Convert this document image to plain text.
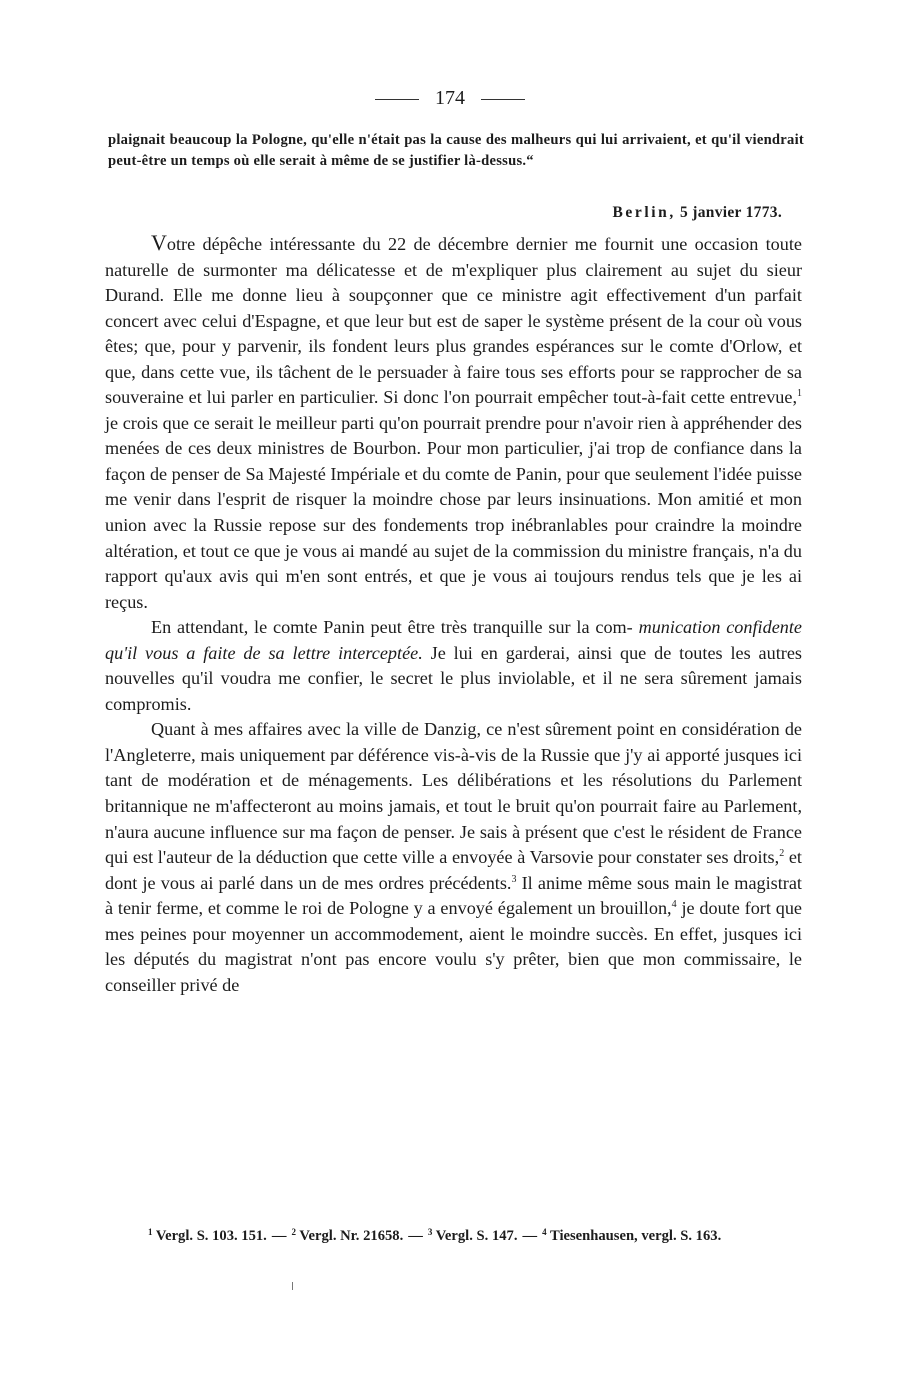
174

plaignait beaucoup la Pologne, qu'elle n'était pas la cause des malheurs qui lui arrivaient, et qu'il viendrait peut-être un temps où elle serait à même de se justifier là-dessus.“

Berlin, 5 janvier 1773.

Votre dépêche intéressante du 22 de décembre dernier me fournit une occasion toute naturelle de surmonter ma délicatesse et de m'expliquer plus clairement au sujet du sieur Durand. Elle me donne lieu à soupçonner que ce ministre agit effectivement d'un parfait concert avec celui d'Espagne, et que leur but est de saper le système présent de la cour où vous êtes; que, pour y parvenir, ils fondent leurs plus grandes espérances sur le comte d'Orlow, et que, dans cette vue, ils tâchent de le persuader à faire tous ses efforts pour se rapprocher de sa souveraine et lui parler en particulier. Si donc l'on pourrait empêcher tout-à-fait cette entrevue,$^1$ je crois que ce serait le meilleur parti qu'on pourrait prendre pour n'avoir rien à appréhender des menées de ces deux ministres de Bourbon. Pour mon particulier, j'ai trop de confiance dans la façon de penser de Sa Majesté Impériale et du comte de Panin, pour que seulement l'idée puisse me venir dans l'esprit de risquer la moindre chose par leurs insinuations. Mon amitié et mon union avec la Russie repose sur des fondements trop inébranlables pour craindre la moindre altération, et tout ce que je vous ai mandé au sujet de la commission du ministre français, n'a du rapport qu'aux avis qui m'en sont entrés, et que je vous ai toujours rendus tels que je les ai reçus.

En attendant, le comte Panin peut être très tranquille sur la com- munication confidente qu'il vous a faite de sa lettre interceptée. Je lui en garderai, ainsi que de toutes les autres nouvelles qu'il voudra me confier, le secret le plus inviolable, et il ne sera sûrement jamais compromis.

Quant à mes affaires avec la ville de Danzig, ce n'est sûrement point en considération de l'Angleterre, mais uniquement par déférence vis-à-vis de la Russie que j'y ai apporté jusques ici tant de modération et de ménagements. Les délibérations et les résolutions du Parlement britannique ne m'affecteront au moins jamais, et tout le bruit qu'on pourrait faire au Parlement, n'aura aucune influence sur ma façon de penser. Je sais à présent que c'est le résident de France qui est l'auteur de la déduction que cette ville a envoyée à Varsovie pour constater ses droits,$^2$ et dont je vous ai parlé dans un de mes ordres précédents.$^3$ Il anime même sous main le magistrat à tenir ferme, et comme le roi de Pologne y a envoyé également un brouillon,$^4$ je doute fort que mes peines pour moyenner un accommodement, aient le moindre succès. En effet, jusques ici les députés du magistrat n'ont pas encore voulu s'y prêter, bien que mon commissaire, le conseiller privé de

$^1$ Vergl. S. 103. 151. — $^2$ Vergl. Nr. 21658. — $^3$ Vergl. S. 147. — $^4$ Tiesenhausen, vergl. S. 163.
